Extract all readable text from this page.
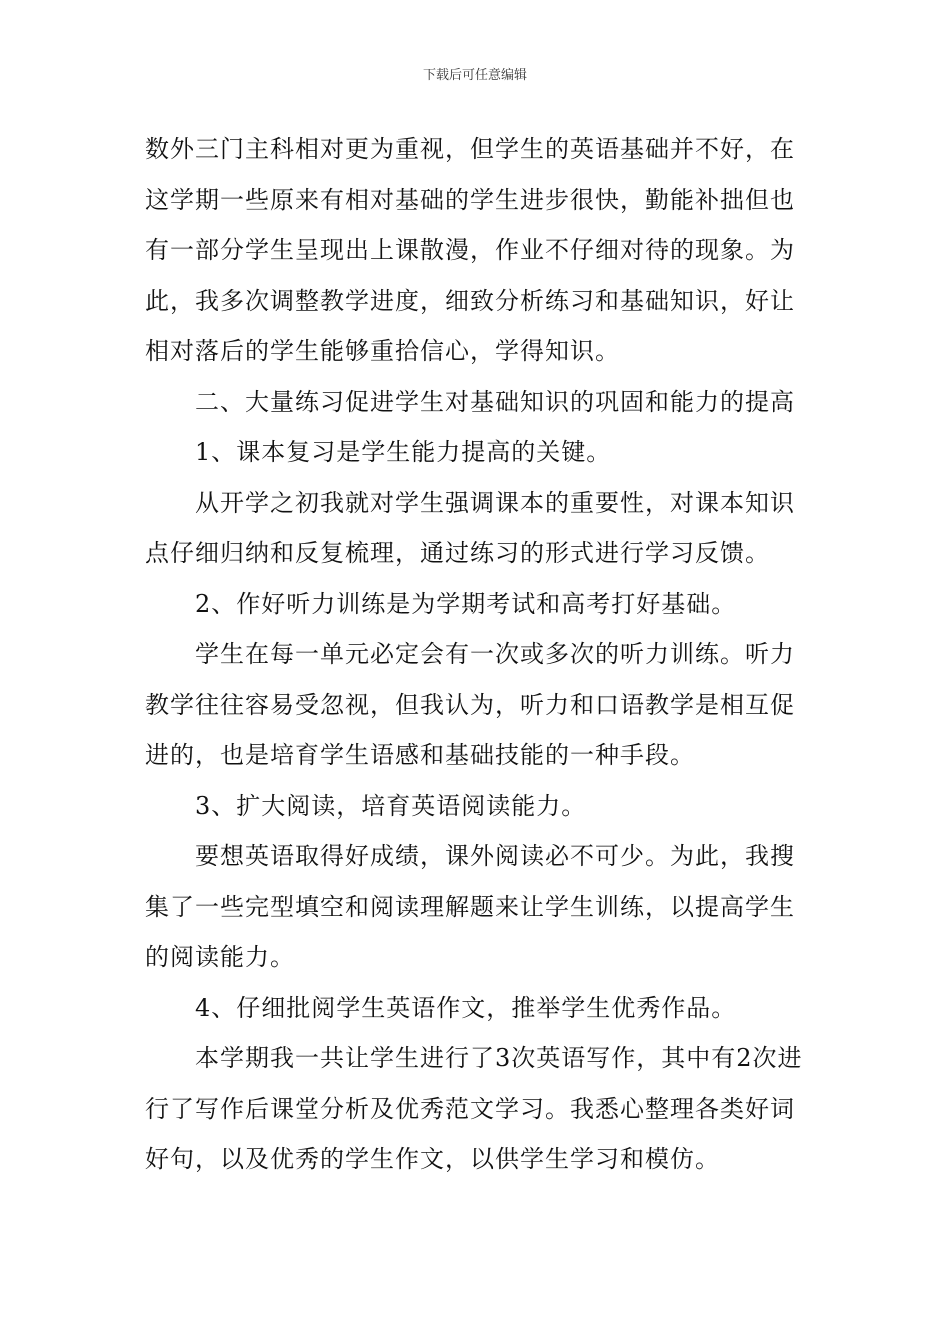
下载后可任意编辑

数外三门主科相对更为重视，但学生的英语基础并不好，在这学期一些原来有相对基础的学生进步很快，勤能补拙但也有一部分学生呈现出上课散漫，作业不仔细对待的现象。为此，我多次调整教学进度，细致分析练习和基础知识，好让相对落后的学生能够重拾信心，学得知识。

二、大量练习促进学生对基础知识的巩固和能力的提高

1、课本复习是学生能力提高的关键。

从开学之初我就对学生强调课本的重要性，对课本知识点仔细归纳和反复梳理，通过练习的形式进行学习反馈。

2、作好听力训练是为学期考试和高考打好基础。

学生在每一单元必定会有一次或多次的听力训练。听力教学往往容易受忽视，但我认为，听力和口语教学是相互促进的，也是培育学生语感和基础技能的一种手段。

3、扩大阅读，培育英语阅读能力。

要想英语取得好成绩，课外阅读必不可少。为此，我搜集了一些完型填空和阅读理解题来让学生训练，以提高学生的阅读能力。

4、仔细批阅学生英语作文，推举学生优秀作品。

本学期我一共让学生进行了3次英语写作，其中有2次进行了写作后课堂分析及优秀范文学习。我悉心整理各类好词好句，以及优秀的学生作文，以供学生学习和模仿。
